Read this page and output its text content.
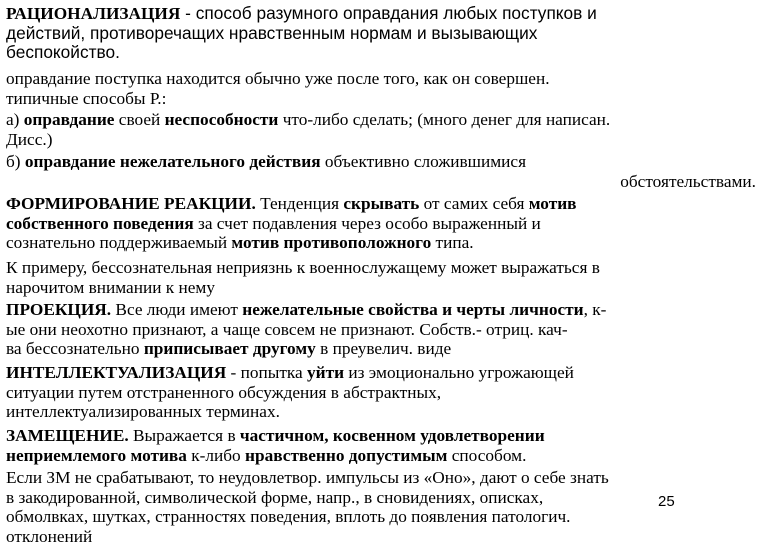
РАЦИОНАЛИЗАЦИЯ - способ разумного оправдания любых поступков и
действий, противоречащих нравственным нормам и вызывающих
беспокойство.
оправдание поступка находится обычно уже после того, как он совершен.
типичные способы Р.:
а) оправдание своей неспособности что-либо сделать; (много денег для написан.
Дисс.)
б) оправдание нежелательного действия объективно сложившимися
обстоятельствами.
ФОРМИРОВАНИЕ РЕАКЦИИ. Тенденция скрывать от самих себя мотив
собственного поведения за счет подавления через особо выраженный и
сознательно поддерживаемый мотив противоположного типа.
К примеру, бессознательная неприязнь к военнослужащему может выражаться в
нарочитом внимании к нему
ПРОЕКЦИЯ. Все люди имеют нежелательные свойства и черты личности, к-
ые они неохотно признают, а чаще совсем не признают. Собств.- отриц. кач-
ва бессознательно приписывает другому в преувелич. виде
ИНТЕЛЛЕКТУАЛИЗАЦИЯ - попытка уйти из эмоционально угрожающей
ситуации путем отстраненного обсуждения в абстрактных,
интеллектуализированных терминах.
ЗАМЕЩЕНИЕ. Выражается в частичном, косвенном удовлетворении
неприемлемого мотива к-либо нравственно допустимым способом.
Если ЗМ не срабатывают, то неудовлетвор. импульсы из «Оно», дают о себе знать
в закодированной, символической форме, напр., в сновидениях, описках,
обмолвках, шутках, странностях поведения, вплоть до появления патологич.
отклонений
25
